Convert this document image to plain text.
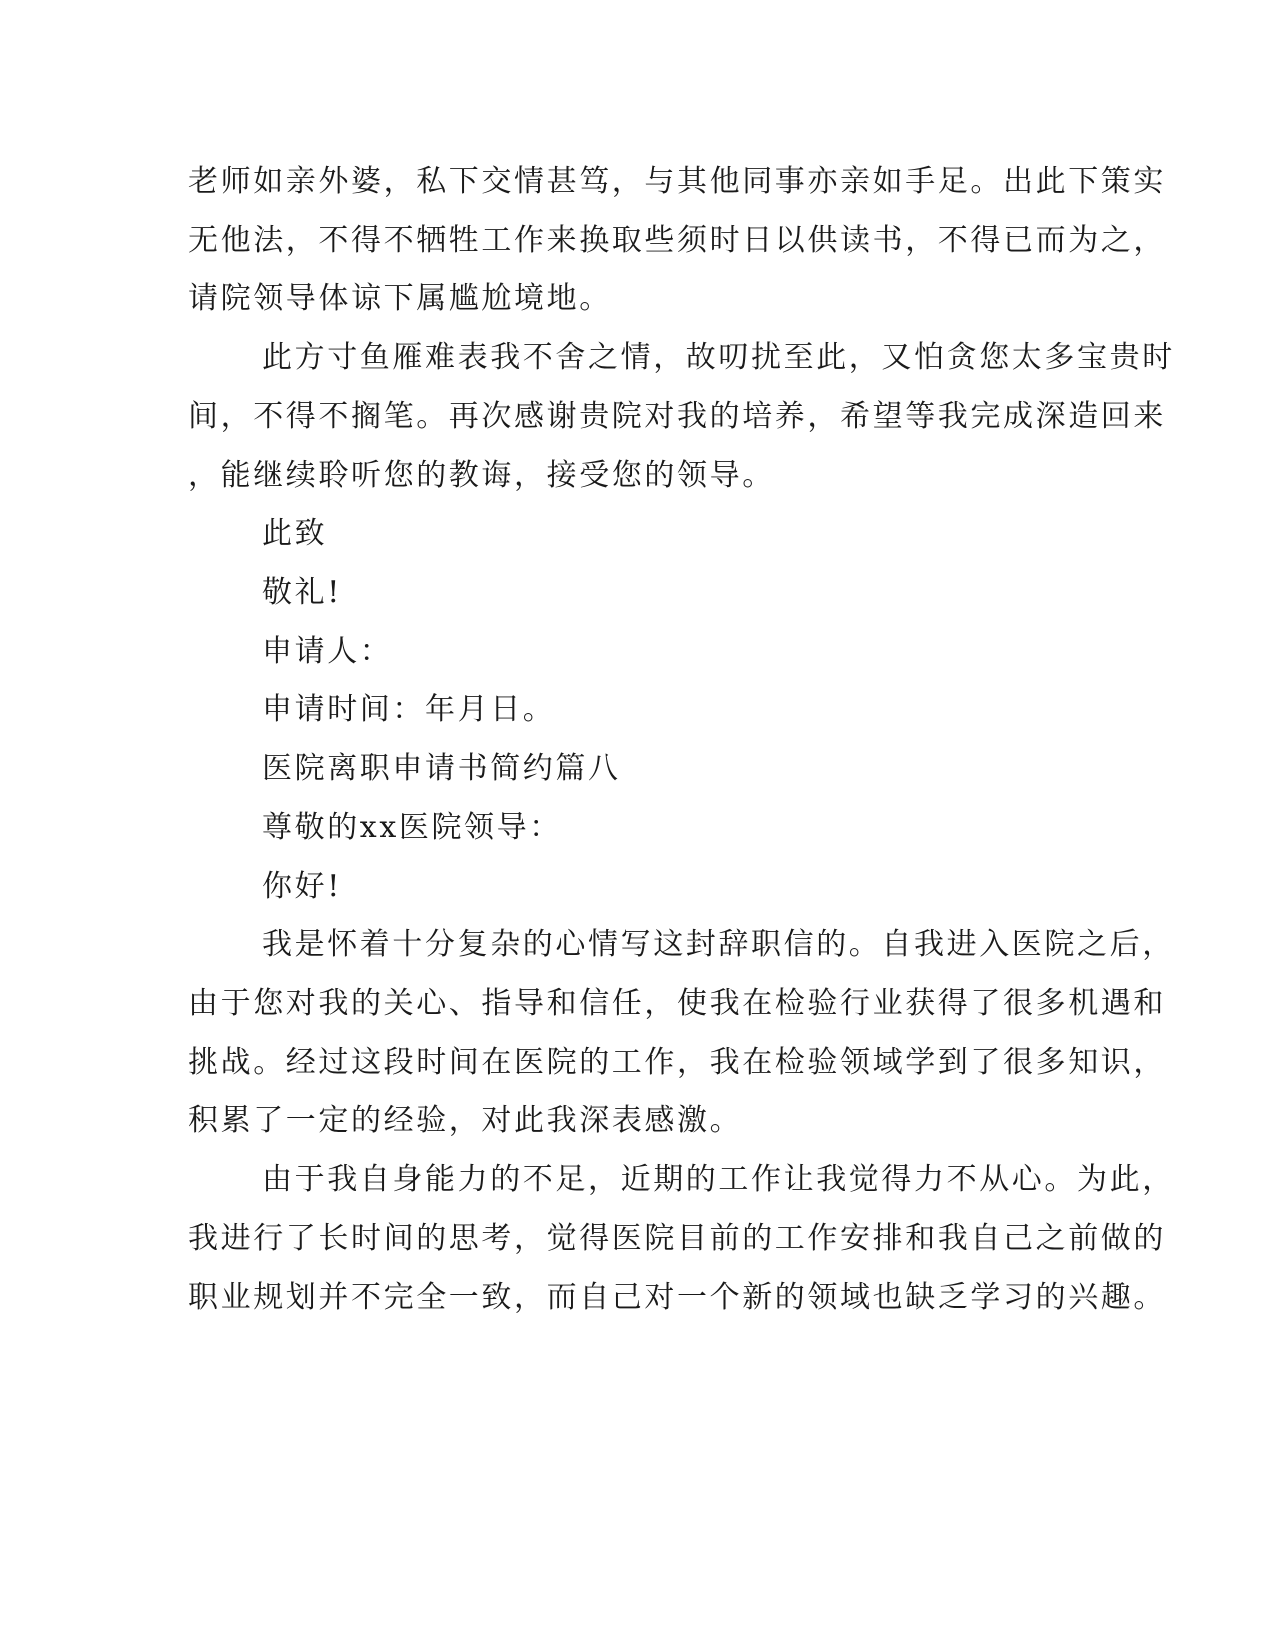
老师如亲外婆，私下交情甚笃，与其他同事亦亲如手足。出此下策实
无他法，不得不牺牲工作来换取些须时日以供读书，不得已而为之，
请院领导体谅下属尴尬境地。
此方寸鱼雁难表我不舍之情，故叨扰至此，又怕贪您太多宝贵时
间，不得不搁笔。再次感谢贵院对我的培养，希望等我完成深造回来
，能继续聆听您的教诲，接受您的领导。
此致
敬礼!
申请人：
申请时间：年月日。
医院离职申请书简约篇八
尊敬的xx医院领导：
你好!
我是怀着十分复杂的心情写这封辞职信的。自我进入医院之后，
由于您对我的关心、指导和信任，使我在检验行业获得了很多机遇和
挑战。经过这段时间在医院的工作，我在检验领域学到了很多知识，
积累了一定的经验，对此我深表感激。
由于我自身能力的不足，近期的工作让我觉得力不从心。为此，
我进行了长时间的思考，觉得医院目前的工作安排和我自己之前做的
职业规划并不完全一致，而自己对一个新的领域也缺乏学习的兴趣。
